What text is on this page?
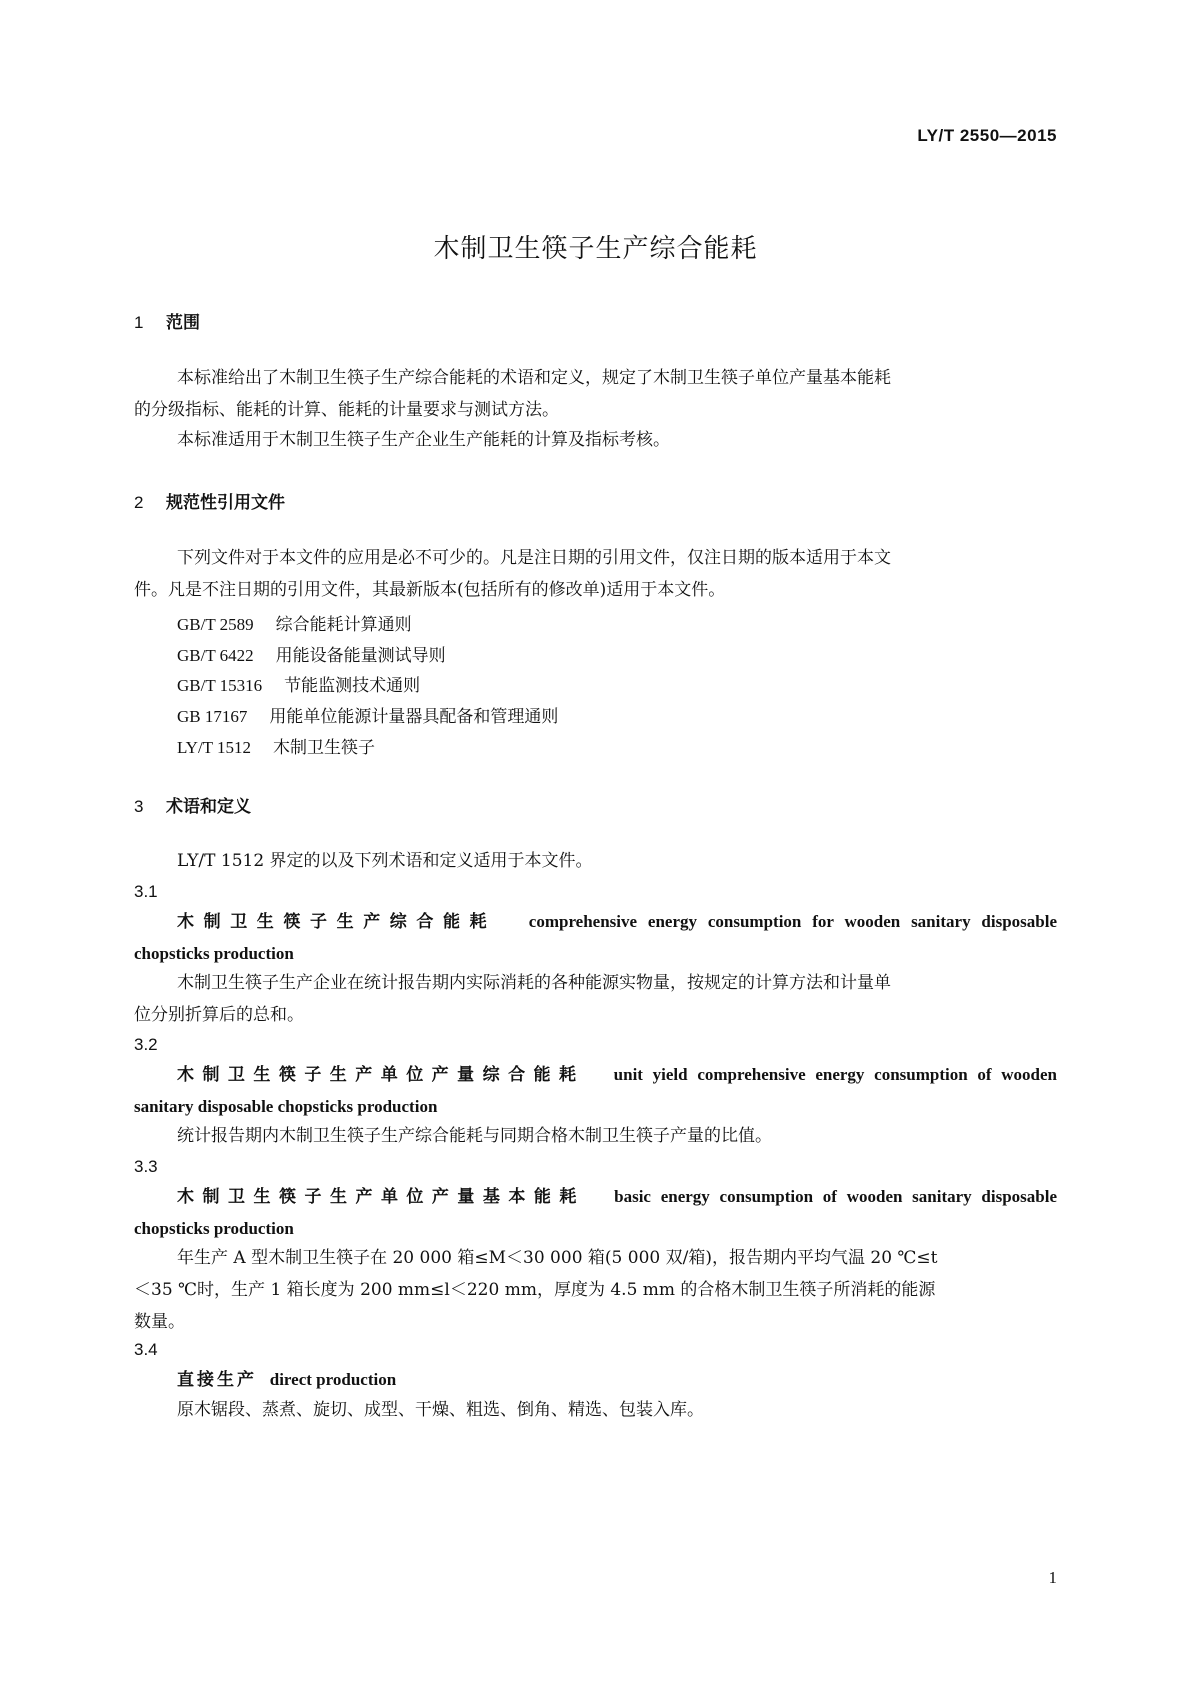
LY/T 2550—2015
木制卫生筷子生产综合能耗
1 范围
本标准给出了木制卫生筷子生产综合能耗的术语和定义，规定了木制卫生筷子单位产量基本能耗
的分级指标、能耗的计算、能耗的计量要求与测试方法。
本标准适用于木制卫生筷子生产企业生产能耗的计算及指标考核。
2 规范性引用文件
下列文件对于本文件的应用是必不可少的。凡是注日期的引用文件，仅注日期的版本适用于本文
件。凡是不注日期的引用文件，其最新版本(包括所有的修改单)适用于本文件。
GB/T 2589 综合能耗计算通则
GB/T 6422 用能设备能量测试导则
GB/T 15316 节能监测技术通则
GB 17167 用能单位能源计量器具配备和管理通则
LY/T 1512 木制卫生筷子
3 术语和定义
LY/T 1512 界定的以及下列术语和定义适用于本文件。
3.1
木制卫生筷子生产综合能耗 comprehensive energy consumption for wooden sanitary disposable
chopsticks production
木制卫生筷子生产企业在统计报告期内实际消耗的各种能源实物量，按规定的计算方法和计量单
位分别折算后的总和。
3.2
木制卫生筷子生产单位产量综合能耗 unit yield comprehensive energy consumption of wooden
sanitary disposable chopsticks production
统计报告期内木制卫生筷子生产综合能耗与同期合格木制卫生筷子产量的比值。
3.3
木制卫生筷子生产单位产量基本能耗 basic energy consumption of wooden sanitary disposable
chopsticks production
年生产 A 型木制卫生筷子在 20 000 箱≤M＜30 000 箱(5 000 双/箱)，报告期内平均气温 20 ℃≤t
＜35 ℃时，生产 1 箱长度为 200 mm≤l＜220 mm，厚度为 4.5 mm 的合格木制卫生筷子所消耗的能源
数量。
3.4
直接生产 direct production
原木锯段、蒸煮、旋切、成型、干燥、粗选、倒角、精选、包装入库。
1
